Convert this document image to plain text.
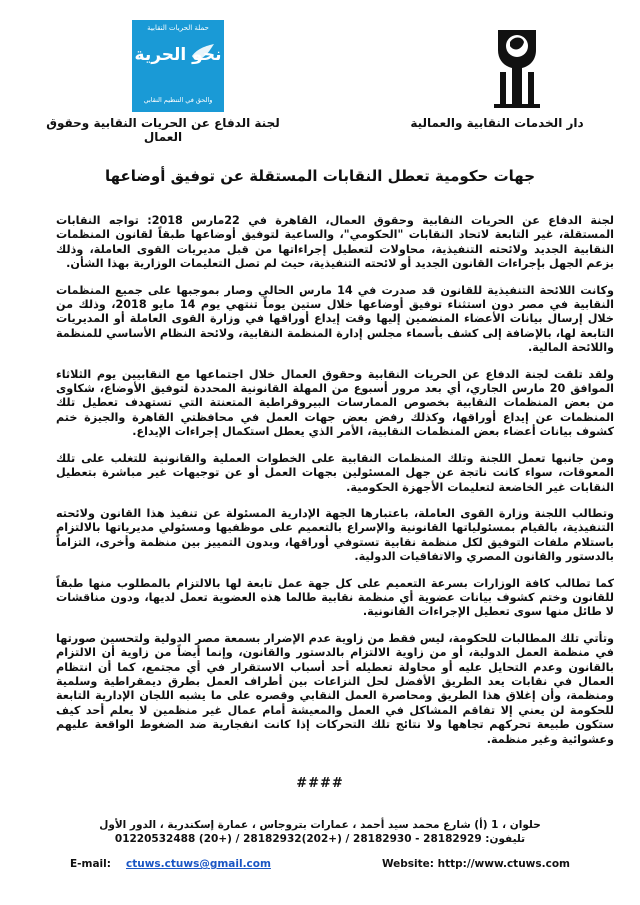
حملة الحريات النقابية
نحو الحرية
والحق في التنظيم النقابي
دار الخدمات النقابية والعمالية
لجنة الدفاع عن الحريات النقابية وحقوق العمال
جهات حكومية تعطل النقابات المستقلة عن توفيق أوضاعها

لجنة الدفاع عن الحريات النقابية وحقوق العمال، القاهرة في 22مارس 2018: تواجه النقابات المستقلة، غير التابعة لاتحاد النقابات "الحكومي"، والساعية لتوفيق أوضاعها طبقاً لقانون المنظمات النقابية الجديد ولائحته التنفيذية، محاولات لتعطيل إجراءاتها من قبل مديريات القوى العاملة، وذلك بزعم الجهل بإجراءات القانون الجديد أو لائحته التنفيذية، حيث لم تصل التعليمات الوزارية بهذا الشأن.

وكانت اللائحة التنفيذية للقانون قد صدرت في 14 مارس الحالي وصار بموجبها على جميع المنظمات النقابية في مصر دون استثناء توفيق أوضاعها خلال ستين يوماً تنتهي يوم 14 مايو 2018، وذلك من خلال إرسال بيانات الأعضاء المنضمين إليها وقت إيداع أوراقها في وزارة القوى العاملة أو المديريات التابعة لها، بالإضافة إلى كشف بأسماء مجلس إدارة المنظمة النقابية، ولائحة النظام الأساسي للمنظمة واللائحة المالية.

ولقد تلقت لجنة الدفاع عن الحريات النقابية وحقوق العمال خلال اجتماعها مع النقابيين يوم الثلاثاء الموافق 20 مارس الجاري، أي بعد مرور أسبوع من المهلة القانونية المحددة لتوفيق الأوضاع، شكاوى من بعض المنظمات النقابية بخصوص الممارسات البيروقراطية المتعنتة التي تستهدف تعطيل تلك المنظمات عن إيداع أوراقها، وكذلك رفض بعض جهات العمل في محافظتي القاهرة والجيزة ختم كشوف بيانات أعضاء بعض المنظمات النقابية، الأمر الذي يعطل استكمال إجراءات الإيداع.

ومن جانبها تعمل اللجنة وتلك المنظمات النقابية على الخطوات العملية والقانونية للتغلب على تلك المعوقات، سواء كانت ناتجة عن جهل المسئولين بجهات العمل أو عن توجيهات غير مباشرة بتعطيل النقابات غير الخاضعة لتعليمات الأجهزة الحكومية.

وتطالب اللجنة وزارة القوى العاملة، باعتبارها الجهة الإدارية المسئولة عن تنفيذ هذا القانون ولائحته التنفيذية، بالقيام بمسئولياتها القانونية والإسراع بالتعميم على موظفيها ومسئولي مديرياتها بالالتزام باستلام ملفات التوفيق لكل منظمة نقابية تستوفي أوراقها، وبدون التمييز بين منظمة وأخرى، التزاماً بالدستور والقانون المصري والاتفاقيات الدولية.

كما تطالب كافة الوزارات بسرعة التعميم على كل جهة عمل تابعة لها بالالتزام بالمطلوب منها طبقاً للقانون وختم كشوف بيانات عضوية أي منظمة نقابية طالما هذه العضوية تعمل لديها، ودون مناقشات لا طائل منها سوى تعطيل الإجراءات القانونية.

وتأتي تلك المطالبات للحكومة، ليس فقط من زاوية عدم الإضرار بسمعة مصر الدولية ولتحسين صورتها في منظمة العمل الدولية، أو من زاوية الالتزام بالدستور والقانون، وإنما أيضاً من زاوية أن الالتزام بالقانون وعدم التحايل عليه أو محاولة تعطيله أحد أسباب الاستقرار في أي مجتمع، كما أن انتظام العمال في نقابات يعد الطريق الأفضل لحل النزاعات بين أطراف العمل بطرق ديمقراطية وسلمية ومنظمة، وأن إغلاق هذا الطريق ومحاصرة العمل النقابي وقصره على ما يشبه اللجان الإدارية التابعة للحكومة لن يعني إلا تفاقم المشاكل في العمل والمعيشة أمام عمال غير منظمين لا يعلم أحد كيف ستكون طبيعة تحركهم تجاهها ولا نتائج تلك التحركات إذا كانت انفجارية ضد الضغوط الواقعة عليهم وعشوائية وغير منظمة.

####
حلوان ، 1 (أ) شارع محمد سيد أحمد ، عمارات بتروجاس ، عمارة إسكندرية ، الدور الأول
تليفون: 28182929 - 28182930 / (+202)28182932 / (+20) 01220532488
E-mail: ctuws.ctuws@gmail.com	Website: http://www.ctuws.com
